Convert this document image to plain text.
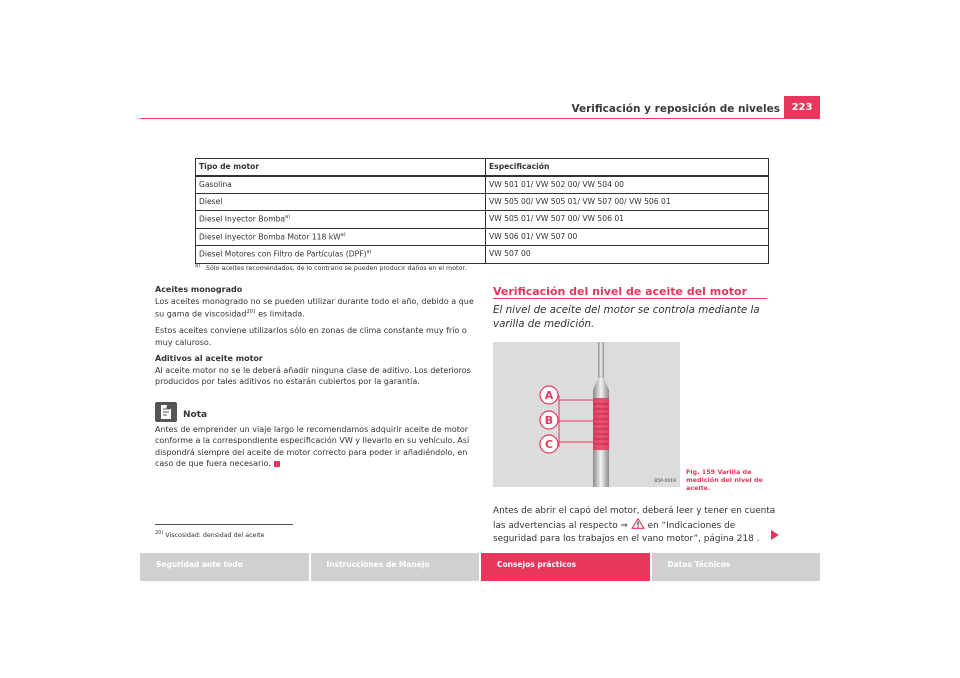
Verificación y reposición de niveles	223
Tipo de motor	Especificación
Gasolina	VW 501 01/ VW 502 00/ VW 504 00
Diesel	VW 505 00/ VW 505 01/ VW 507 00/ VW 506 01
Diesel Inyector Bomba$^{a)}$	VW 505 01/ VW 507 00/ VW 506 01
Diesel Inyector Bomba Motor 118 kW$^{a)}$	VW 506 01/ VW 507 00
Diesel Motores con Filtro de Partículas (DPF)$^{a)}$	VW 507 00
$^{a)}$ Sólo aceites recomendados, de lo contrario se pueden producir daños en el motor.

Aceites monogrado

Los aceites monogrado no se pueden utilizar durante todo el año, debido a que su gama de viscosidad$^{20)}$ es limitada.

Estos aceites conviene utilizarlos sólo en zonas de clima constante muy frío o muy caluroso.

Aditivos al aceite motor

Al aceite motor no se le deberá añadir ninguna clase de aditivo. Los deterioros producidos por tales aditivos no estarán cubiertos por la garantía.

Nota

Antes de emprender un viaje largo le recomendamos adquirir aceite de motor conforme a la correspondiente especificación VW y llevarlo en su vehículo. Así dispondrá siempre del aceite de motor correcto para poder ir añadiéndolo, en caso de que fuera necesario.

$^{20)}$ Viscosidad: densidad del aceite
Verificación del nivel de aceite del motor
El nivel de aceite del motor se controla mediante la varilla de medición.
A
B
C
B5P-0019
Fig. 159 Varilla de medición del nivel de aceite.
Antes de abrir el capó del motor, deberá leer y tener en cuenta las advertencias al respecto ⇒  en “Indicaciones de seguridad para los trabajos en el vano motor”, página 218 .
Seguridad ante todo	Instrucciones de Manejo	Consejos prácticos	Datos Técnicos
